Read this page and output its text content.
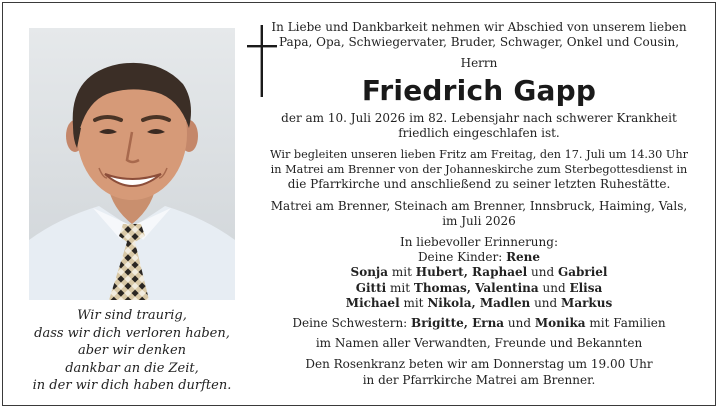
Wir sind traurig,
dass wir dich verloren haben,
aber wir denken
dankbar an die Zeit,
in der wir dich haben durften.
In Liebe und Dankbarkeit nehmen wir Abschied von unserem lieben
Papa, Opa, Schwiegervater, Bruder, Schwager, Onkel und Cousin,
Herrn
Friedrich Gapp
der am 10. Juli 2026 im 82. Lebensjahr nach schwerer Krankheit
friedlich eingeschlafen ist.
Wir begleiten unseren lieben Fritz am Freitag, den 17. Juli um 14.30 Uhr
in Matrei am Brenner von der Johanneskirche zum Sterbegottesdienst in
die Pfarrkirche und anschließend zu seiner letzten Ruhestätte.
Matrei am Brenner, Steinach am Brenner, Innsbruck, Haiming, Vals,
im Juli 2026
In liebevoller Erinnerung:
Deine Kinder: Rene
Sonja mit Hubert, Raphael und Gabriel
Gitti mit Thomas, Valentina und Elisa
Michael mit Nikola, Madlen und Markus
Deine Schwestern: Brigitte, Erna und Monika mit Familien
im Namen aller Verwandten, Freunde und Bekannten
Den Rosenkranz beten wir am Donnerstag um 19.00 Uhr
in der Pfarrkirche Matrei am Brenner.
